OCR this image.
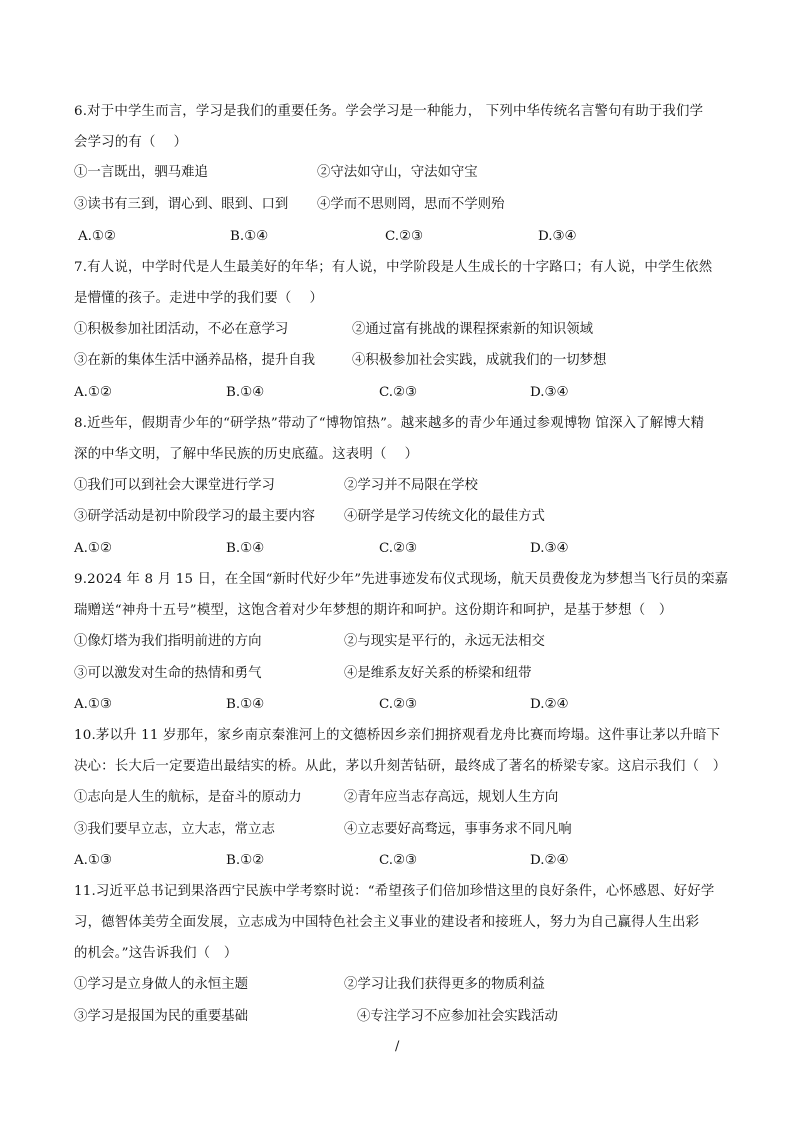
6.对于中学生而言，学习是我们的重要任务。学会学习是一种能力， 下列中华传统名言警句有助于我们学
会学习的有（　 ）
①一言既出，驷马难追	②守法如守山，守法如守宝
③读书有三到，谓心到、眼到、口到 ④学而不思则罔，思而不学则殆
A.①②	B.①④	C.②③	D.③④
7.有人说，中学时代是人生最美好的年华；有人说，中学阶段是人生成长的十字路口；有人说，中学生依然
是懵懂的孩子。走进中学的我们要（　 ）
①积极参加社团活动，不必在意学习	②通过富有挑战的课程探索新的知识领域
③在新的集体生活中涵养品格，提升自我	④积极参加社会实践，成就我们的一切梦想
A.①②	B.①④	C.②③	D.③④
8.近些年，假期青少年的“研学热”带动了“博物馆热”。越来越多的青少年通过参观博物 馆深入了解博大精
深的中华文明，了解中华民族的历史底蕴。这表明（　 ）
①我们可以到社会大课堂进行学习	②学习并不局限在学校
③研学活动是初中阶段学习的最主要内容 ④研学是学习传统文化的最佳方式
A.①②	B.①④	C.②③	D.③④
9.2024 年 8 月 15 日，在全国“新时代好少年”先进事迹发布仪式现场，航天员费俊龙为梦想当飞行员的栾嘉
瑞赠送“神舟十五号”模型，这饱含着对少年梦想的期许和呵护。这份期许和呵护，是基于梦想（　）
①像灯塔为我们指明前进的方向	②与现实是平行的，永远无法相交
③可以激发对生命的热情和勇气	④是维系友好关系的桥梁和纽带
A.①③	B.①④	C.②③	D.②④
10.茅以升 11 岁那年，家乡南京秦淮河上的文德桥因乡亲们拥挤观看龙舟比赛而垮塌。这件事让茅以升暗下
决心：长大后一定要造出最结实的桥。从此，茅以升刻苦钻研，最终成了著名的桥梁专家。这启示我们（　）
①志向是人生的航标，是奋斗的原动力	②青年应当志存高远，规划人生方向
③我们要早立志，立大志，常立志	④立志要好高骛远，事事务求不同凡响
A.①③	B.①②	C.②③	D.②④
11.习近平总书记到果洛西宁民族中学考察时说：“希望孩子们倍加珍惜这里的良好条件，心怀感恩、好好学
习，德智体美劳全面发展，立志成为中国特色社会主义事业的建设者和接班人，努力为自己赢得人生出彩
的机会。”这告诉我们（　）
①学习是立身做人的永恒主题	②学习让我们获得更多的物质利益
③学习是报国为民的重要基础	④专注学习不应参加社会实践活动
/
